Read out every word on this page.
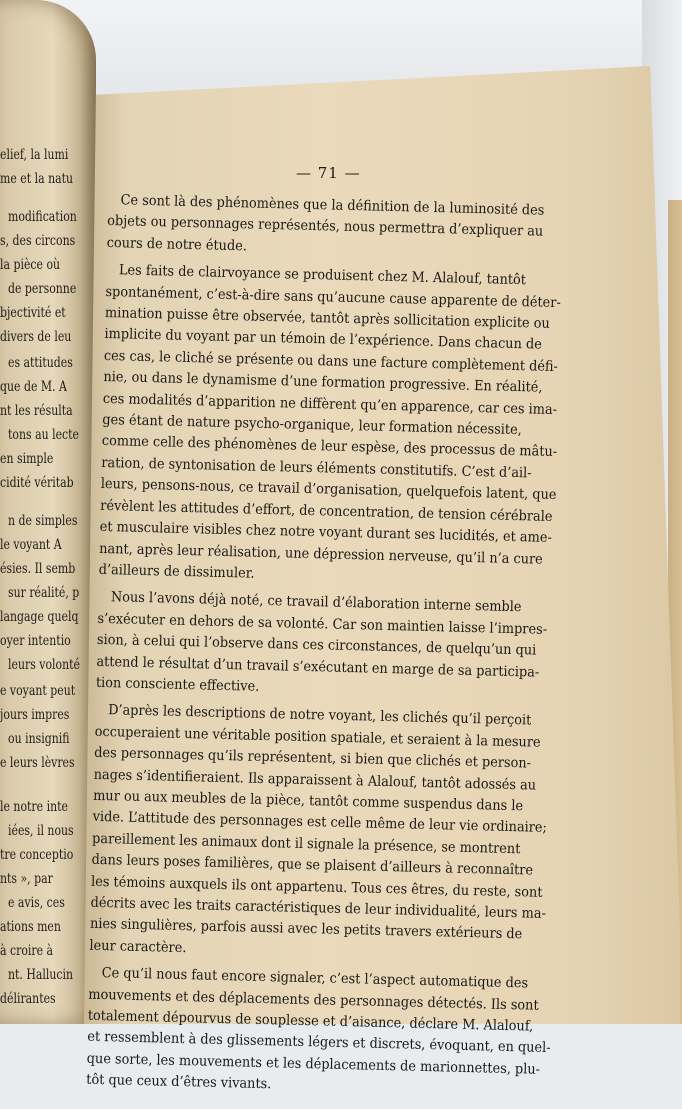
elief, la lumi
me et la natu
modification
s, des circons
la pièce où
de personne
bjectivité et
divers de leu
es attitudes
que de M. A
nt les résulta
tons au lecte
en simple
cidité véritab
n de simples
le voyant A
ésies. Il semb
sur réalité, p
langage quelq
oyer intentio
leurs volonté
e voyant peut
jours impres
ou insignifi
e leurs lèvres
le notre inte
iées, il nous
tre conceptio
nts », par
e avis, ces
ations men
à croire à
nt. Hallucin
délirantes
— 71 —
Ce sont là des phénomènes que la définition de la luminosité des
objets ou personnages représentés, nous permettra d’expliquer au
cours de notre étude.
Les faits de clairvoyance se produisent chez M. Alalouf, tantôt
spontanément, c’est-à-dire sans qu’aucune cause apparente de déter-
mination puisse être observée, tantôt après sollicitation explicite ou
implicite du voyant par un témoin de l’expérience. Dans chacun de
ces cas, le cliché se présente ou dans une facture complètement défi-
nie, ou dans le dynamisme d’une formation progressive. En réalité,
ces modalités d’apparition ne diffèrent qu’en apparence, car ces ima-
ges étant de nature psycho-organique, leur formation nécessite,
comme celle des phénomènes de leur espèse, des processus de mâtu-
ration, de syntonisation de leurs éléments constitutifs. C’est d’ail-
leurs, pensons-nous, ce travail d’organisation, quelquefois latent, que
révèlent les attitudes d’effort, de concentration, de tension cérébrale
et musculaire visibles chez notre voyant durant ses lucidités, et ame-
nant, après leur réalisation, une dépression nerveuse, qu’il n’a cure
d’ailleurs de dissimuler.
Nous l’avons déjà noté, ce travail d’élaboration interne semble
s’exécuter en dehors de sa volonté. Car son maintien laisse l’impres-
sion, à celui qui l’observe dans ces circonstances, de quelqu’un qui
attend le résultat d’un travail s’exécutant en marge de sa participa-
tion consciente effective.
D’après les descriptions de notre voyant, les clichés qu’il perçoit
occuperaient une véritable position spatiale, et seraient à la mesure
des personnages qu’ils représentent, si bien que clichés et person-
nages s’identifieraient. Ils apparaissent à Alalouf, tantôt adossés au
mur ou aux meubles de la pièce, tantôt comme suspendus dans le
vide. L’attitude des personnages est celle même de leur vie ordinaire;
pareillement les animaux dont il signale la présence, se montrent
dans leurs poses familières, que se plaisent d’ailleurs à reconnaître
les témoins auxquels ils ont appartenu. Tous ces êtres, du reste, sont
décrits avec les traits caractéristiques de leur individualité, leurs ma-
nies singulières, parfois aussi avec les petits travers extérieurs de
leur caractère.
Ce qu’il nous faut encore signaler, c’est l’aspect automatique des
mouvements et des déplacements des personnages détectés. Ils sont
totalement dépourvus de souplesse et d’aisance, déclare M. Alalouf,
et ressemblent à des glissements légers et discrets, évoquant, en quel-
que sorte, les mouvements et les déplacements de marionnettes, plu-
tôt que ceux d’êtres vivants.
